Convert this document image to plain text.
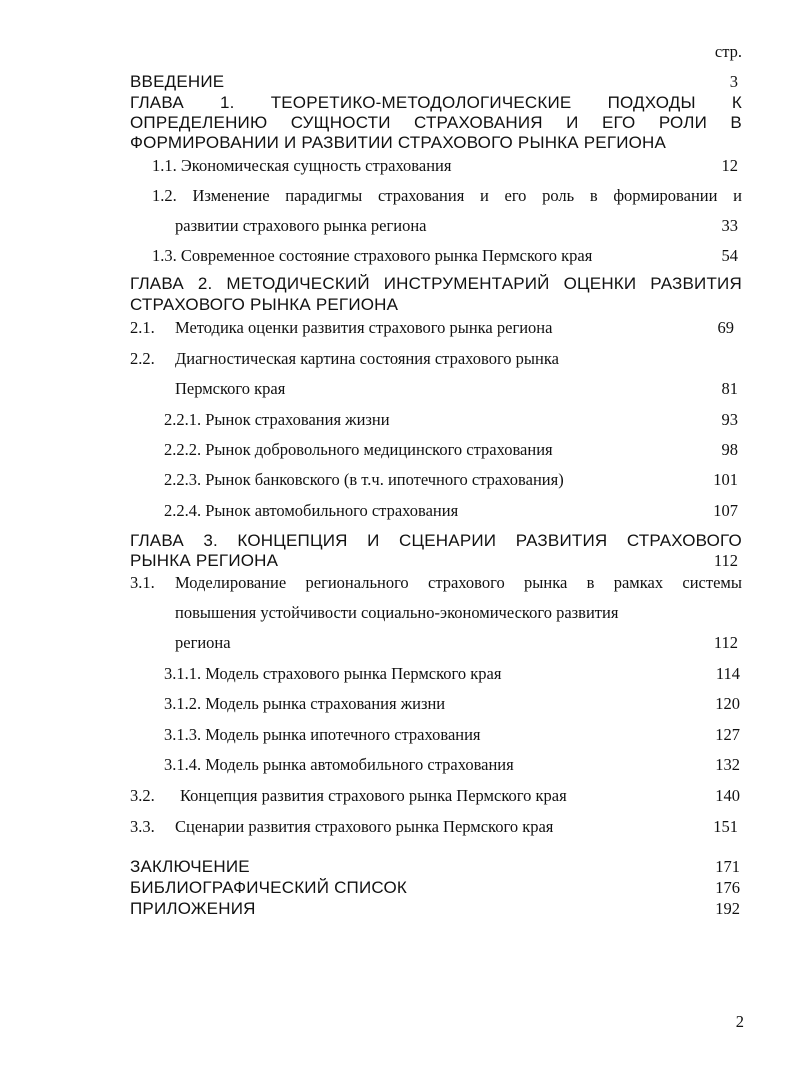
стр.
ВВЕДЕНИЕ	3
ГЛАВА 1. ТЕОРЕТИКО-МЕТОДОЛОГИЧЕСКИЕ ПОДХОДЫ К
ОПРЕДЕЛЕНИЮ СУЩНОСТИ СТРАХОВАНИЯ И ЕГО РОЛИ В
ФОРМИРОВАНИИ И РАЗВИТИИ СТРАХОВОГО РЫНКА РЕГИОНА
1.1. Экономическая сущность страхования	12
1.2. Изменение парадигмы страхования и его роль в формировании и
развитии страхового рынка региона	33
1.3. Современное состояние страхового рынка Пермского края	54
ГЛАВА 2. МЕТОДИЧЕСКИЙ ИНСТРУМЕНТАРИЙ ОЦЕНКИ РАЗВИТИЯ
СТРАХОВОГО РЫНКА РЕГИОНА
2.1. Методика оценки развития страхового рынка региона	69
2.2. Диагностическая картина состояния страхового рынка
Пермского края	81
2.2.1. Рынок страхования жизни	93
2.2.2. Рынок добровольного медицинского страхования	98
2.2.3. Рынок банковского (в т.ч. ипотечного страхования)	101
2.2.4. Рынок автомобильного страхования	107
ГЛАВА 3. КОНЦЕПЦИЯ И СЦЕНАРИИ РАЗВИТИЯ СТРАХОВОГО
РЫНКА РЕГИОНА	112
3.1. Моделирование регионального страхового рынка в рамках системы
повышения устойчивости социально-экономического развития
региона	112
3.1.1. Модель страхового рынка Пермского края	114
3.1.2. Модель рынка страхования жизни	120
3.1.3. Модель рынка ипотечного страхования	127
3.1.4. Модель рынка автомобильного страхования	132
3.2. Концепция развития страхового рынка Пермского края	140
3.3. Сценарии развития страхового рынка Пермского края	151
ЗАКЛЮЧЕНИЕ	171
БИБЛИОГРАФИЧЕСКИЙ СПИСОК	176
ПРИЛОЖЕНИЯ	192
2
